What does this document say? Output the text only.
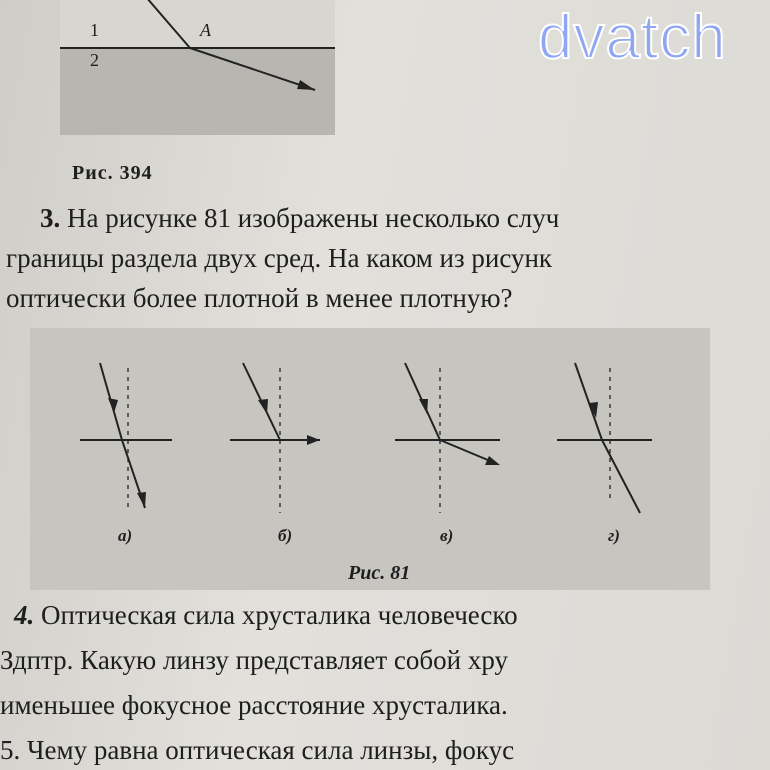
1
2
A
Рис. 394
dvatch
3. На рисунке 81 изображены несколько случ
границы раздела двух сред. На каком из рисунк
оптически более плотной в менее плотную?
а)	б)	в)	г)
Рис. 81
4. Оптическая сила хрусталика человеческо
Здптр. Какую линзу представляет собой хру
именьшее фокусное расстояние хрусталика.
5. Чему равна оптическая сила линзы, фокус
